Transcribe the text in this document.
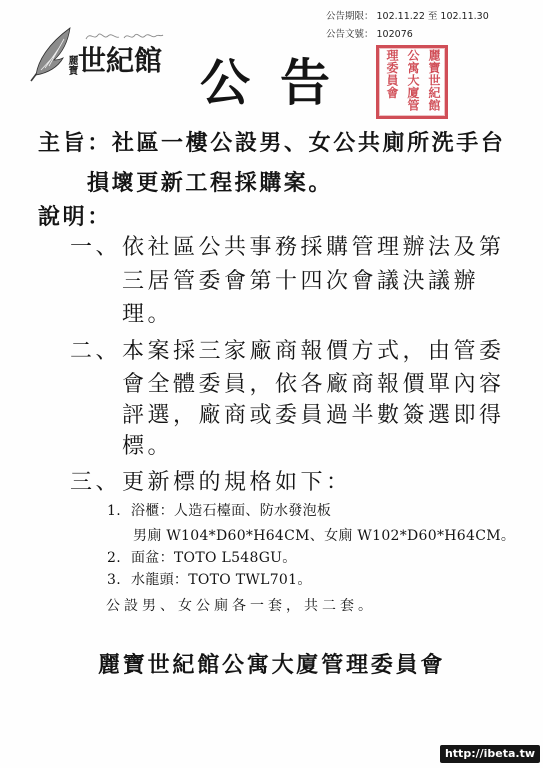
公告期限： 102.11.22 至 102.11.30
公告文號： 102076
麗寶 世紀館 公告	麗寶世紀館公寓大廈管理委員會
主旨：社區一樓公設男、女公共廁所洗手台
損壞更新工程採購案。
說明：
一、 依社區公共事務採購管理辦法及第
三居管委會第十四次會議決議辦
理。
二、 本案採三家廠商報價方式，由管委
會全體委員，依各廠商報價單內容
評選，廠商或委員過半數簽選即得
標。
三、 更新標的規格如下：
1. 浴櫃：人造石檯面、防水發泡板
男廁 W104*D60*H64CM、女廁 W102*D60*H64CM。
2. 面盆：TOTO L548GU。
3. 水龍頭：TOTO TWL701。
公設男、女公廁各一套，共二套。
麗寶世紀館公寓大廈管理委員會
http://ibeta.tw
